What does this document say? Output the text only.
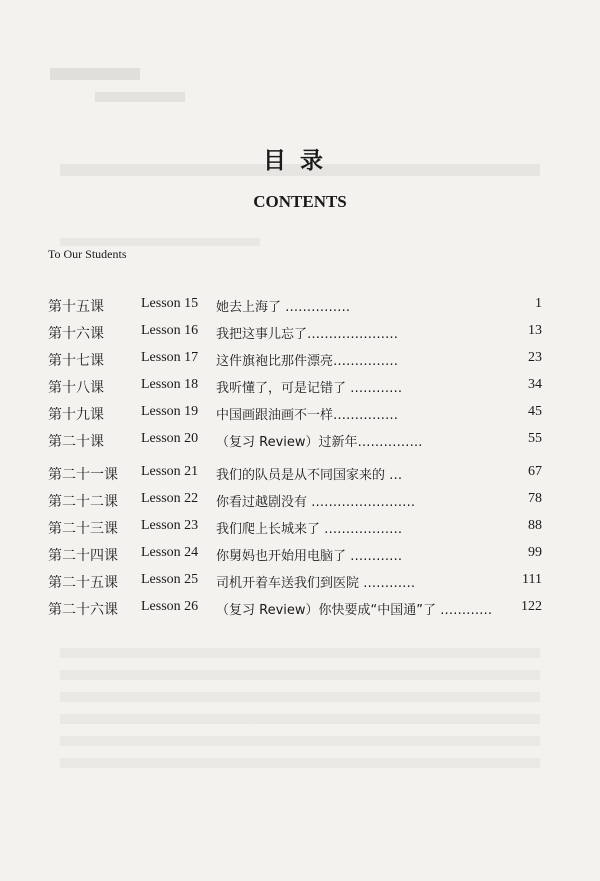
目录
CONTENTS
To Our Students
第十五课	Lesson 15 她去上海了 ……………	1
第十六课	Lesson 16 我把这事儿忘了…………………	13
第十七课	Lesson 17 这件旗袍比那件漂亮……………	23
第十八课	Lesson 18 我听懂了，可是记错了 …………	34
第十九课	Lesson 19 中国画跟油画不一样……………	45
第二十课	Lesson 20 （复习 Review）过新年……………	55
第二十一课 Lesson 21 我们的队员是从不同国家来的 …	67
第二十二课 Lesson 22 你看过越剧没有 ……………………	78
第二十三课 Lesson 23 我们爬上长城来了 ………………	88
第二十四课 Lesson 24 你舅妈也开始用电脑了 …………	99
第二十五课 Lesson 25 司机开着车送我们到医院 …………	111
第二十六课 Lesson 26 （复习 Review）你快要成“中国通”了 ………… 122
